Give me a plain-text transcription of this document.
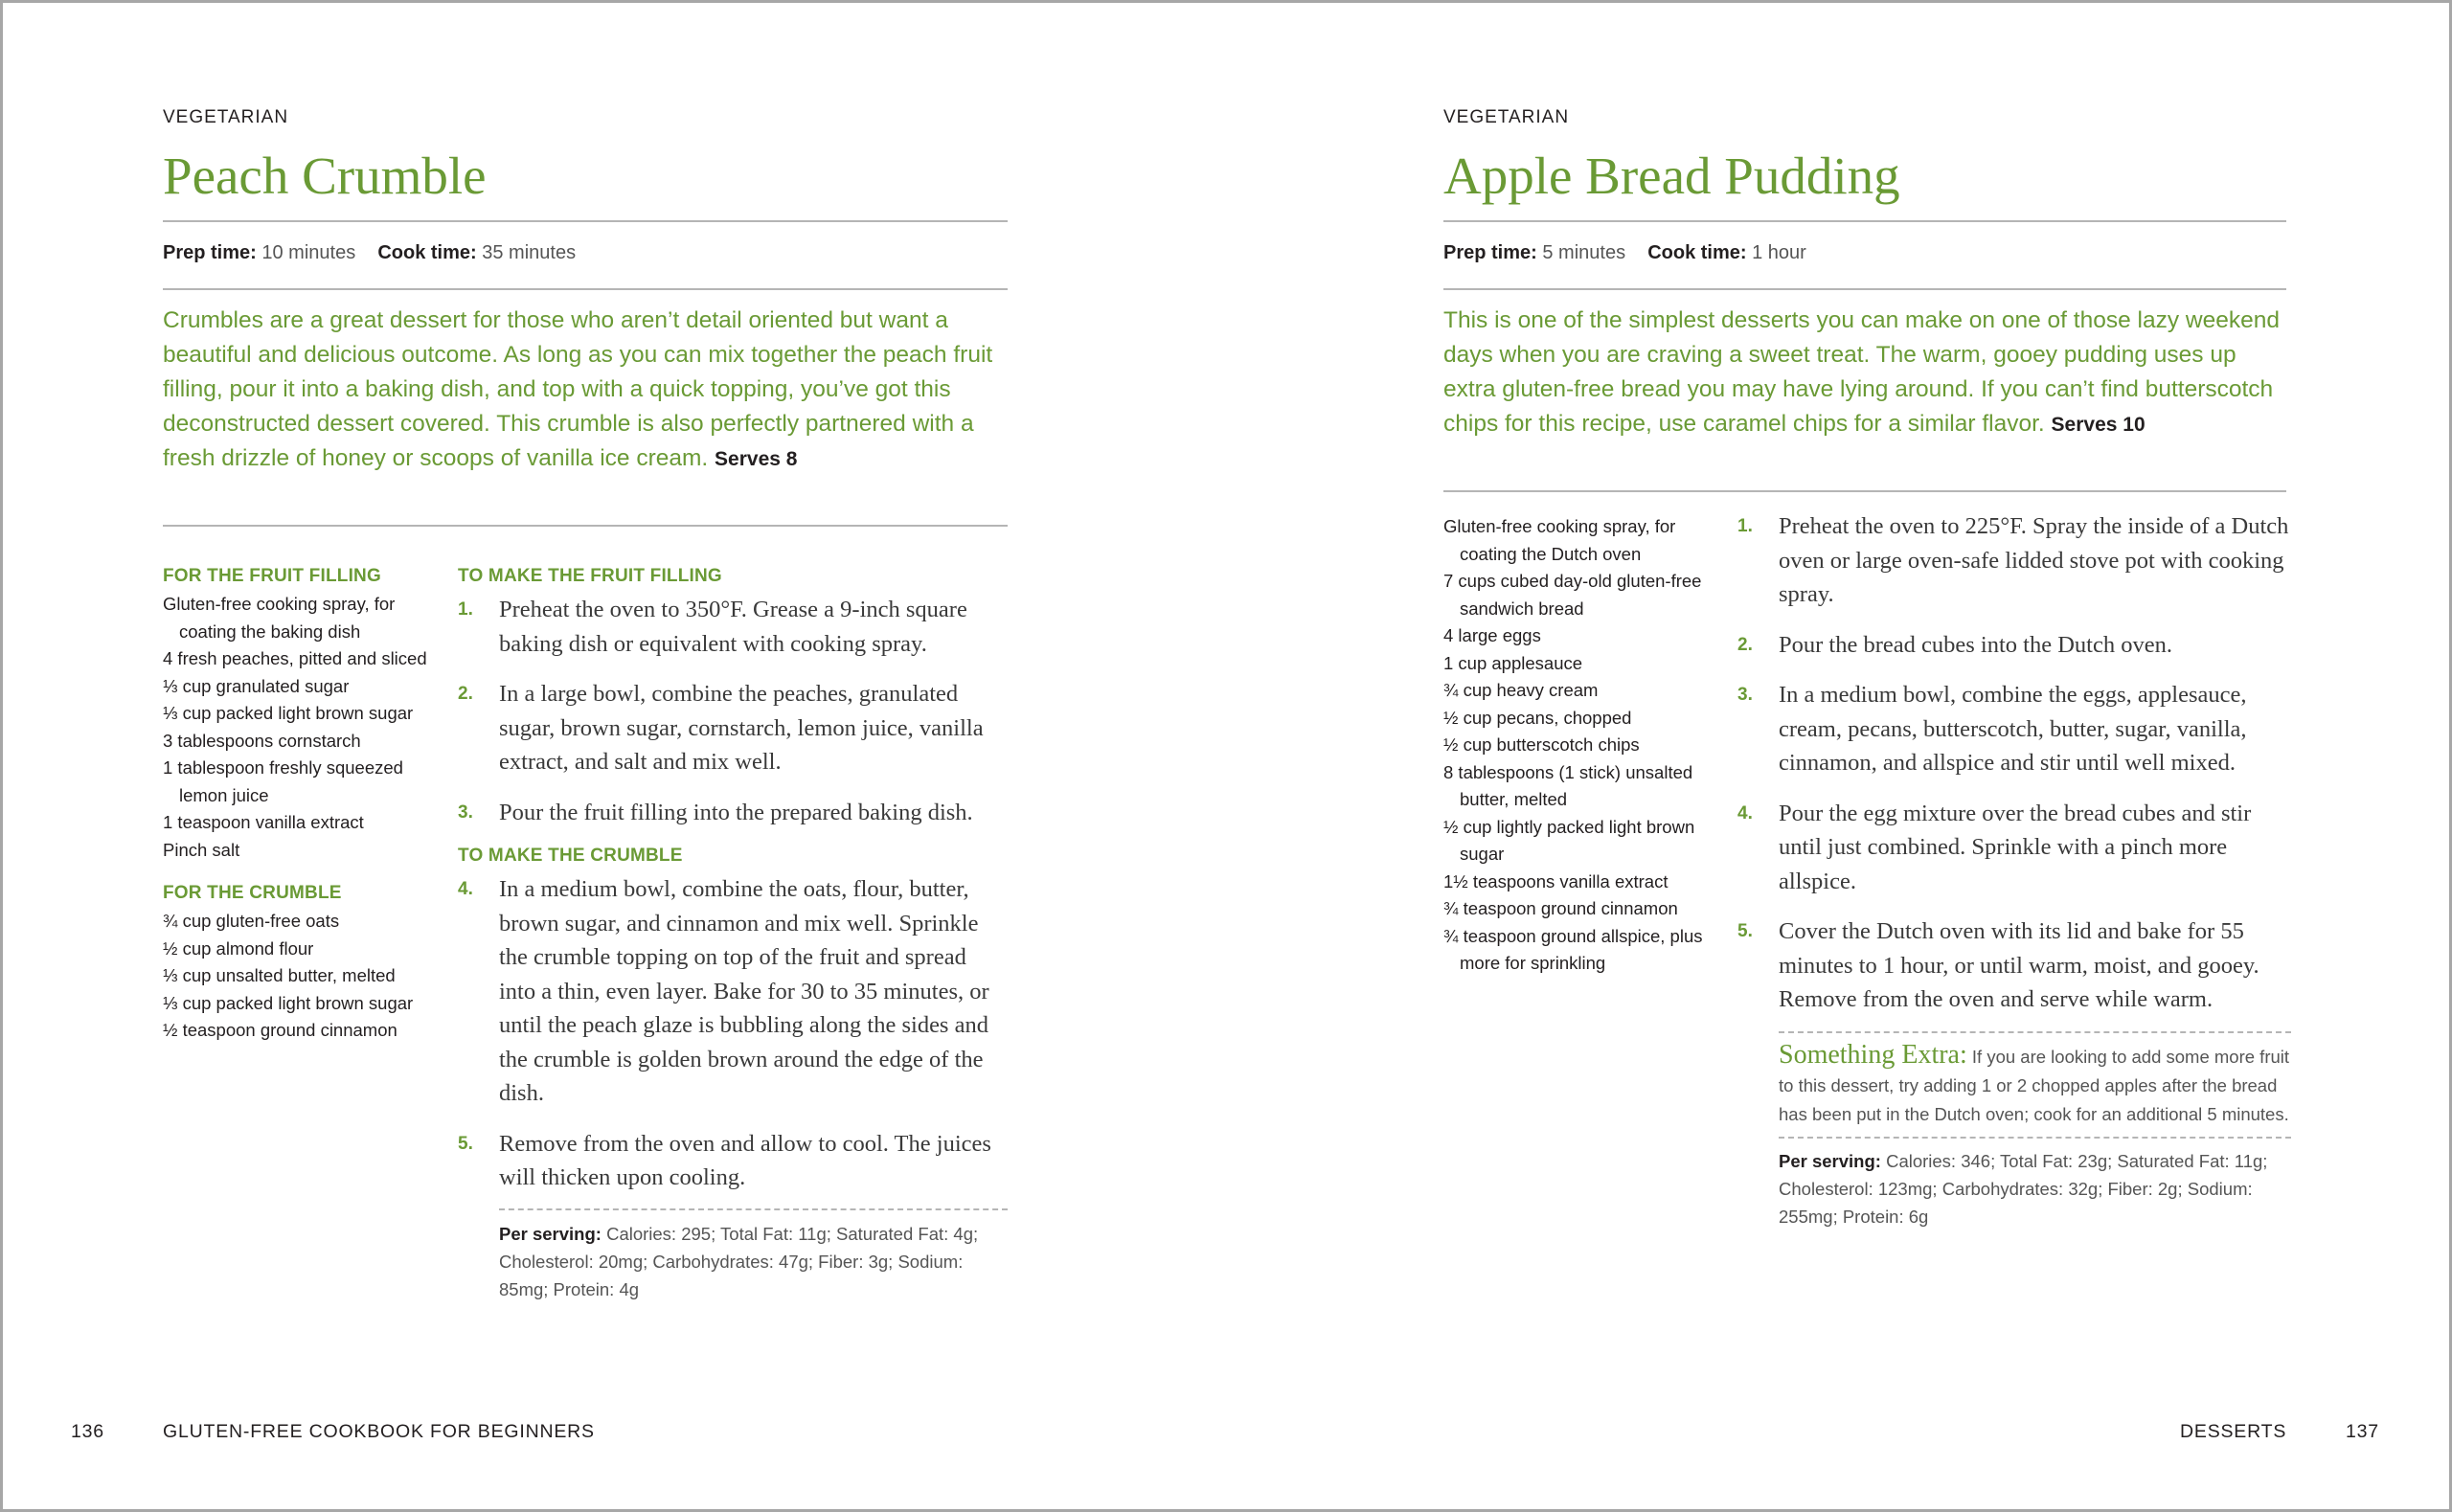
VEGETARIAN
Peach Crumble
Prep time: 10 minutes Cook time: 35 minutes

Crumbles are a great dessert for those who aren’t detail oriented but want a beautiful and delicious outcome. As long as you can mix together the peach fruit filling, pour it into a baking dish, and top with a quick topping, you’ve got this deconstructed dessert covered. This crumble is also perfectly partnered with a fresh drizzle of honey or scoops of vanilla ice cream. Serves 8

FOR THE FRUIT FILLING
Gluten-free cooking spray, for coating the baking dish
4 fresh peaches, pitted and sliced
⅓ cup granulated sugar
⅓ cup packed light brown sugar
3 tablespoons cornstarch
1 tablespoon freshly squeezed lemon juice
1 teaspoon vanilla extract
Pinch salt
FOR THE CRUMBLE
¾ cup gluten-free oats
½ cup almond flour
⅓ cup unsalted butter, melted
⅓ cup packed light brown sugar
½ teaspoon ground cinnamon
TO MAKE THE FRUIT FILLING
1. Preheat the oven to 350°F. Grease a 9-inch square baking dish or equivalent with cooking spray.
2. In a large bowl, combine the peaches, granulated sugar, brown sugar, cornstarch, lemon juice, vanilla extract, and salt and mix well.
3. Pour the fruit filling into the prepared baking dish.
TO MAKE THE CRUMBLE
4. In a medium bowl, combine the oats, flour, butter, brown sugar, and cinnamon and mix well. Sprinkle the crumble topping on top of the fruit and spread into a thin, even layer. Bake for 30 to 35 minutes, or until the peach glaze is bubbling along the sides and the crumble is golden brown around the edge of the dish.
5. Remove from the oven and allow to cool. The juices will thicken upon cooling.

Per serving: Calories: 295; Total Fat: 11g; Saturated Fat: 4g; Cholesterol: 20mg; Carbohydrates: 47g; Fiber: 3g; Sodium: 85mg; Protein: 4g

136	GLUTEN-FREE COOKBOOK FOR BEGINNERS
VEGETARIAN
Apple Bread Pudding
Prep time: 5 minutes Cook time: 1 hour

This is one of the simplest desserts you can make on one of those lazy weekend days when you are craving a sweet treat. The warm, gooey pudding uses up extra gluten-free bread you may have lying around. If you can’t find butterscotch chips for this recipe, use caramel chips for a similar flavor. Serves 10

Gluten-free cooking spray, for coating the Dutch oven
7 cups cubed day-old gluten-free sandwich bread
4 large eggs
1 cup applesauce
¾ cup heavy cream
½ cup pecans, chopped
½ cup butterscotch chips
8 tablespoons (1 stick) unsalted butter, melted
½ cup lightly packed light brown sugar
1½ teaspoons vanilla extract
¾ teaspoon ground cinnamon
¾ teaspoon ground allspice, plus more for sprinkling
1. Preheat the oven to 225°F. Spray the inside of a Dutch oven or large oven-safe lidded stove pot with cooking spray.
2. Pour the bread cubes into the Dutch oven.
3. In a medium bowl, combine the eggs, applesauce, cream, pecans, butterscotch, butter, sugar, vanilla, cinnamon, and allspice and stir until well mixed.
4. Pour the egg mixture over the bread cubes and stir until just combined. Sprinkle with a pinch more allspice.
5. Cover the Dutch oven with its lid and bake for 55 minutes to 1 hour, or until warm, moist, and gooey. Remove from the oven and serve while warm.

Something Extra: If you are looking to add some more fruit to this dessert, try adding 1 or 2 chopped apples after the bread has been put in the Dutch oven; cook for an additional 5 minutes.

Per serving: Calories: 346; Total Fat: 23g; Saturated Fat: 11g; Cholesterol: 123mg; Carbohydrates: 32g; Fiber: 2g; Sodium: 255mg; Protein: 6g

DESSERTS	137
